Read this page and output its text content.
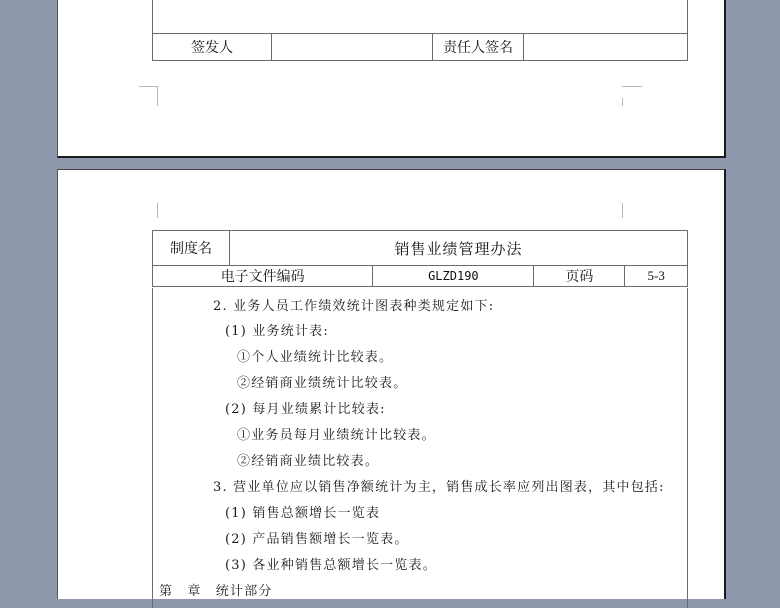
签发人		责任人签名	
制度名	销售业绩管理办法			
电子文件编码		GLZD190	页码	5-3
2. 业务人员工作绩效统计图表种类规定如下:
(1) 业务统计表:
①个人业绩统计比较表。
②经销商业绩统计比较表。
(2) 每月业绩累计比较表:
①业务员每月业绩统计比较表。
②经销商业绩比较表。
3. 营业单位应以销售净额统计为主，销售成长率应列出图表，其中包括:
(1) 销售总额增长一览表
(2) 产品销售额增长一览表。
(3) 各业种销售总额增长一览表。
第　章　统计部分
